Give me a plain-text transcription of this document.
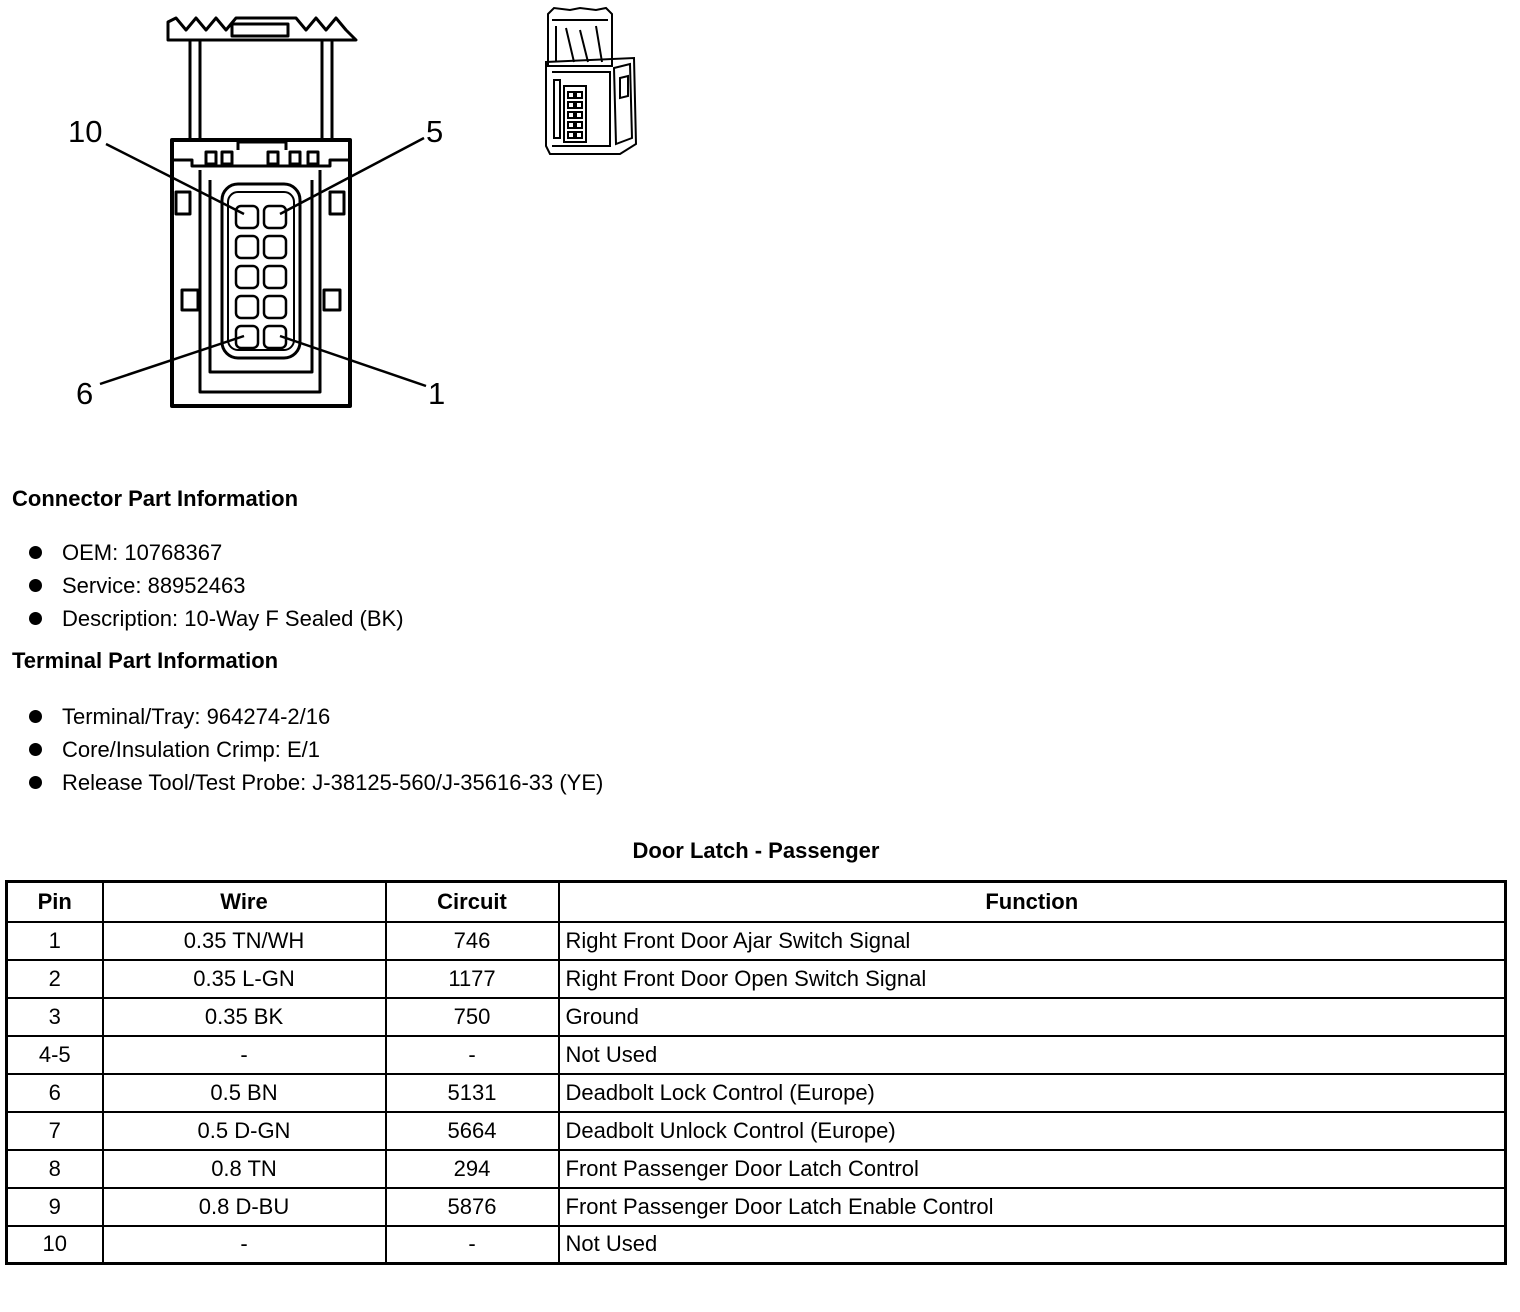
10	5
6	1
Connector Part Information
OEM: 10768367
Service: 88952463
Description: 10-Way F Sealed (BK)
Terminal Part Information
Terminal/Tray: 964274-2/16
Core/Insulation Crimp: E/1
Release Tool/Test Probe: J-38125-560/J-35616-33 (YE)
Door Latch - Passenger
Pin	Wire	Circuit	Function
1	0.35 TN/WH	746	Right Front Door Ajar Switch Signal
2	0.35 L-GN	1177	Right Front Door Open Switch Signal
3	0.35 BK	750	Ground
4-5	-	-	Not Used
6	0.5 BN	5131	Deadbolt Lock Control (Europe)
7	0.5 D-GN	5664	Deadbolt Unlock Control (Europe)
8	0.8 TN	294	Front Passenger Door Latch Control
9	0.8 D-BU	5876	Front Passenger Door Latch Enable Control
10	-	-	Not Used
